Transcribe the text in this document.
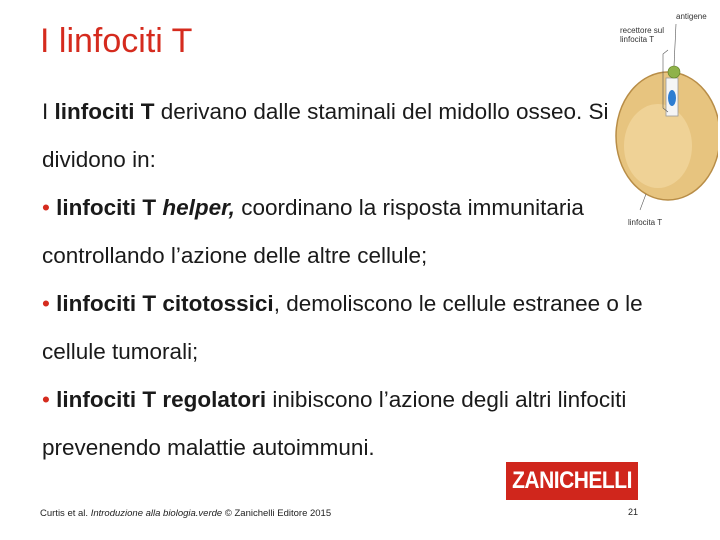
I linfociti T
antigene
recettore sul linfocita T
linfocita T

I linfociti T derivano dalle staminali del midollo osseo. Si dividono in:

• linfociti T helper, coordinano la risposta immunitaria controllando l’azione delle altre cellule;

• linfociti T citotossici, demoliscono le cellule estranee o le cellule tumorali;

• linfociti T regolatori inibiscono l’azione degli altri linfociti prevenendo malattie autoimmuni.

ZANICHELLI
Curtis et al. Introduzione alla biologia.verde © Zanichelli Editore 2015	21
